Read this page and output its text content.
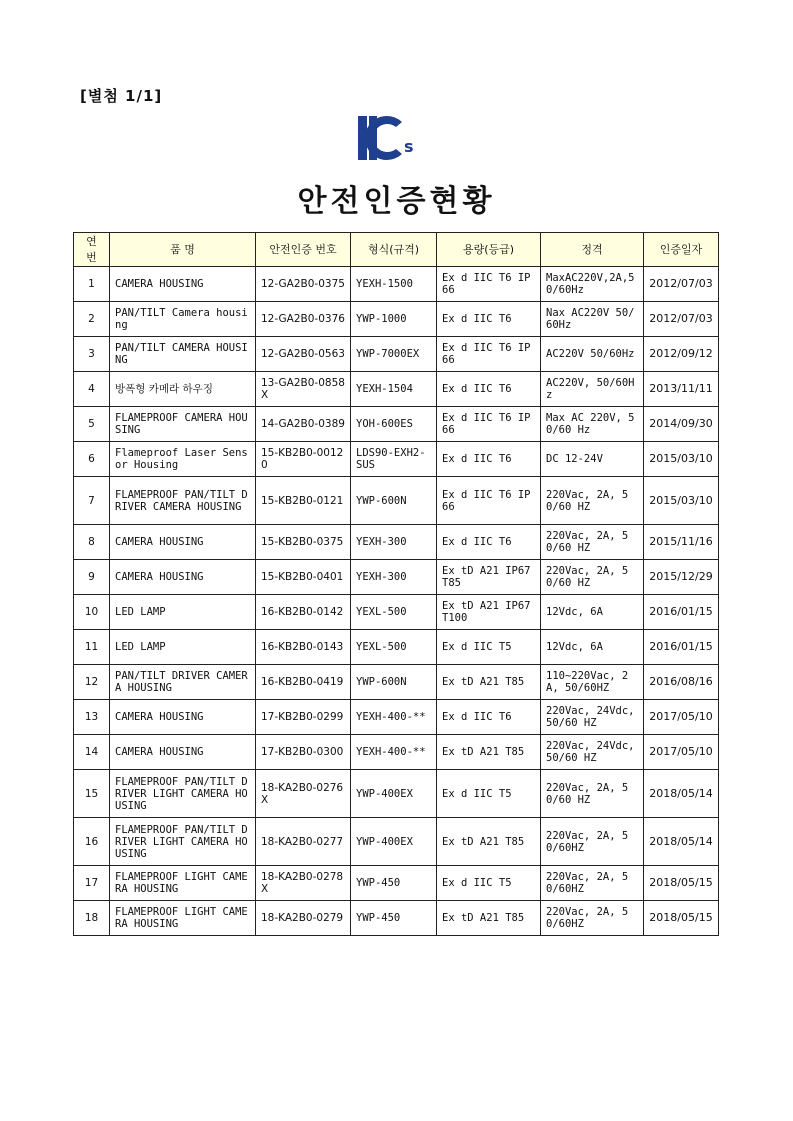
[별첨 1/1]
s
안전인증현황
연
번	품 명	안전인증 번호	형식(규격)	용량(등급)	정격	인증일자
1	CAMERA HOUSING	12-GA2B0-0375	YEXH-1500	Ex d IIC T6 IP66	MaxAC220V,2A,50/60Hz	2012/07/03
2	PAN/TILT Camera housing	12-GA2B0-0376	YWP-1000	Ex d IIC T6	Nax AC220V 50/60Hz	2012/07/03
3	PAN/TILT CAMERA HOUSING	12-GA2B0-0563	YWP-7000EX	Ex d IIC T6 IP66	AC220V 50/60Hz	2012/09/12
4	방폭형 카메라 하우징	13-GA2B0-0858X	YEXH-1504	Ex d IIC T6	AC220V, 50/60Hz	2013/11/11
5	FLAMEPROOF CAMERA HOUSING	14-GA2B0-0389	YOH-600ES	Ex d IIC T6 IP66	Max AC 220V, 50/60 Hz	2014/09/30
6	Flameproof Laser Sensor Housing	15-KB2B0-00120	LDS90-EXH2-SUS	Ex d IIC T6	DC 12-24V	2015/03/10
7	FLAMEPROOF PAN/TILT DRIVER CAMERA HOUSING	15-KB2B0-0121	YWP-600N	Ex d IIC T6 IP66	220Vac, 2A, 50/60 HZ	2015/03/10
8	CAMERA HOUSING	15-KB2B0-0375	YEXH-300	Ex d IIC T6	220Vac, 2A, 50/60 HZ	2015/11/16
9	CAMERA HOUSING	15-KB2B0-0401	YEXH-300	Ex tD A21 IP67 T85	220Vac, 2A, 50/60 HZ	2015/12/29
10	LED LAMP	16-KB2B0-0142	YEXL-500	Ex tD A21 IP67 T100	12Vdc, 6A	2016/01/15
11	LED LAMP	16-KB2B0-0143	YEXL-500	Ex d IIC T5	12Vdc, 6A	2016/01/15
12	PAN/TILT DRIVER CAMERA HOUSING	16-KB2B0-0419	YWP-600N	Ex tD A21 T85	110~220Vac, 2A, 50/60HZ	2016/08/16
13	CAMERA HOUSING	17-KB2B0-0299	YEXH-400-**	Ex d IIC T6	220Vac, 24Vdc, 50/60 HZ	2017/05/10
14	CAMERA HOUSING	17-KB2B0-0300	YEXH-400-**	Ex tD A21 T85	220Vac, 24Vdc, 50/60 HZ	2017/05/10
15	FLAMEPROOF PAN/TILT DRIVER LIGHT CAMERA HOUSING	18-KA2B0-0276X	YWP-400EX	Ex d IIC T5	220Vac, 2A, 50/60 HZ	2018/05/14
16	FLAMEPROOF PAN/TILT DRIVER LIGHT CAMERA HOUSING	18-KA2B0-0277	YWP-400EX	Ex tD A21 T85	220Vac, 2A, 50/60HZ	2018/05/14
17	FLAMEPROOF LIGHT CAMERA HOUSING	18-KA2B0-0278X	YWP-450	Ex d IIC T5	220Vac, 2A, 50/60HZ	2018/05/15
18	FLAMEPROOF LIGHT CAMERA HOUSING	18-KA2B0-0279	YWP-450	Ex tD A21 T85	220Vac, 2A, 50/60HZ	2018/05/15
